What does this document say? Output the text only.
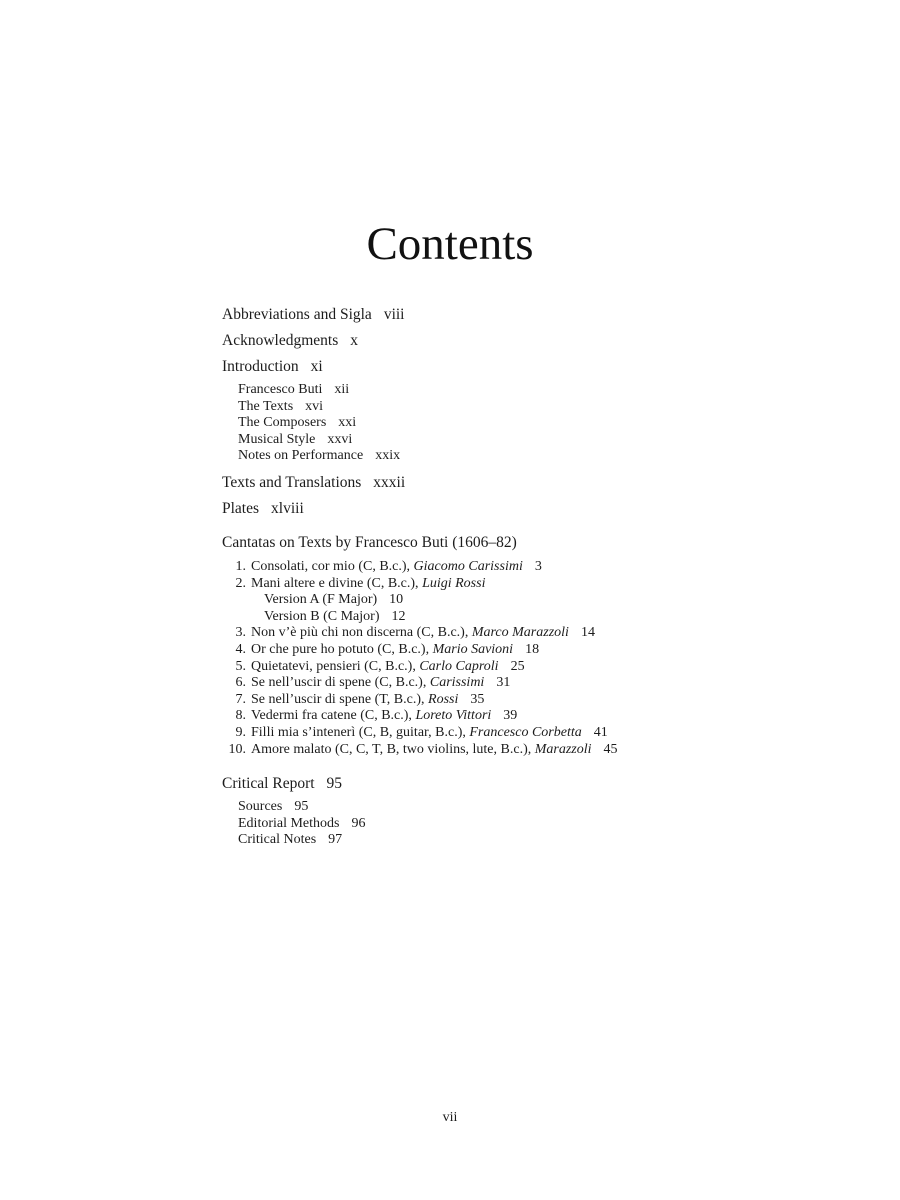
Contents
Abbreviations and Sigla viii
Acknowledgments x
Introduction xi
Francesco Buti xii
The Texts xvi
The Composers xxi
Musical Style xxvi
Notes on Performance xxix
Texts and Translations xxxii
Plates xlviii
Cantatas on Texts by Francesco Buti (1606–82)
1. Consolati, cor mio (C, B.c.), Giacomo Carissimi 3
2. Mani altere e divine (C, B.c.), Luigi Rossi
Version A (F Major) 10
Version B (C Major) 12
3. Non v’è più chi non discerna (C, B.c.), Marco Marazzoli 14
4. Or che pure ho potuto (C, B.c.), Mario Savioni 18
5. Quietatevi, pensieri (C, B.c.), Carlo Caproli 25
6. Se nell’uscir di spene (C, B.c.), Carissimi 31
7. Se nell’uscir di spene (T, B.c.), Rossi 35
8. Vedermi fra catene (C, B.c.), Loreto Vittori 39
9. Filli mia s’intenerì (C, B, guitar, B.c.), Francesco Corbetta 41
10. Amore malato (C, C, T, B, two violins, lute, B.c.), Marazzoli 45
Critical Report 95
Sources 95
Editorial Methods 96
Critical Notes 97
vii
